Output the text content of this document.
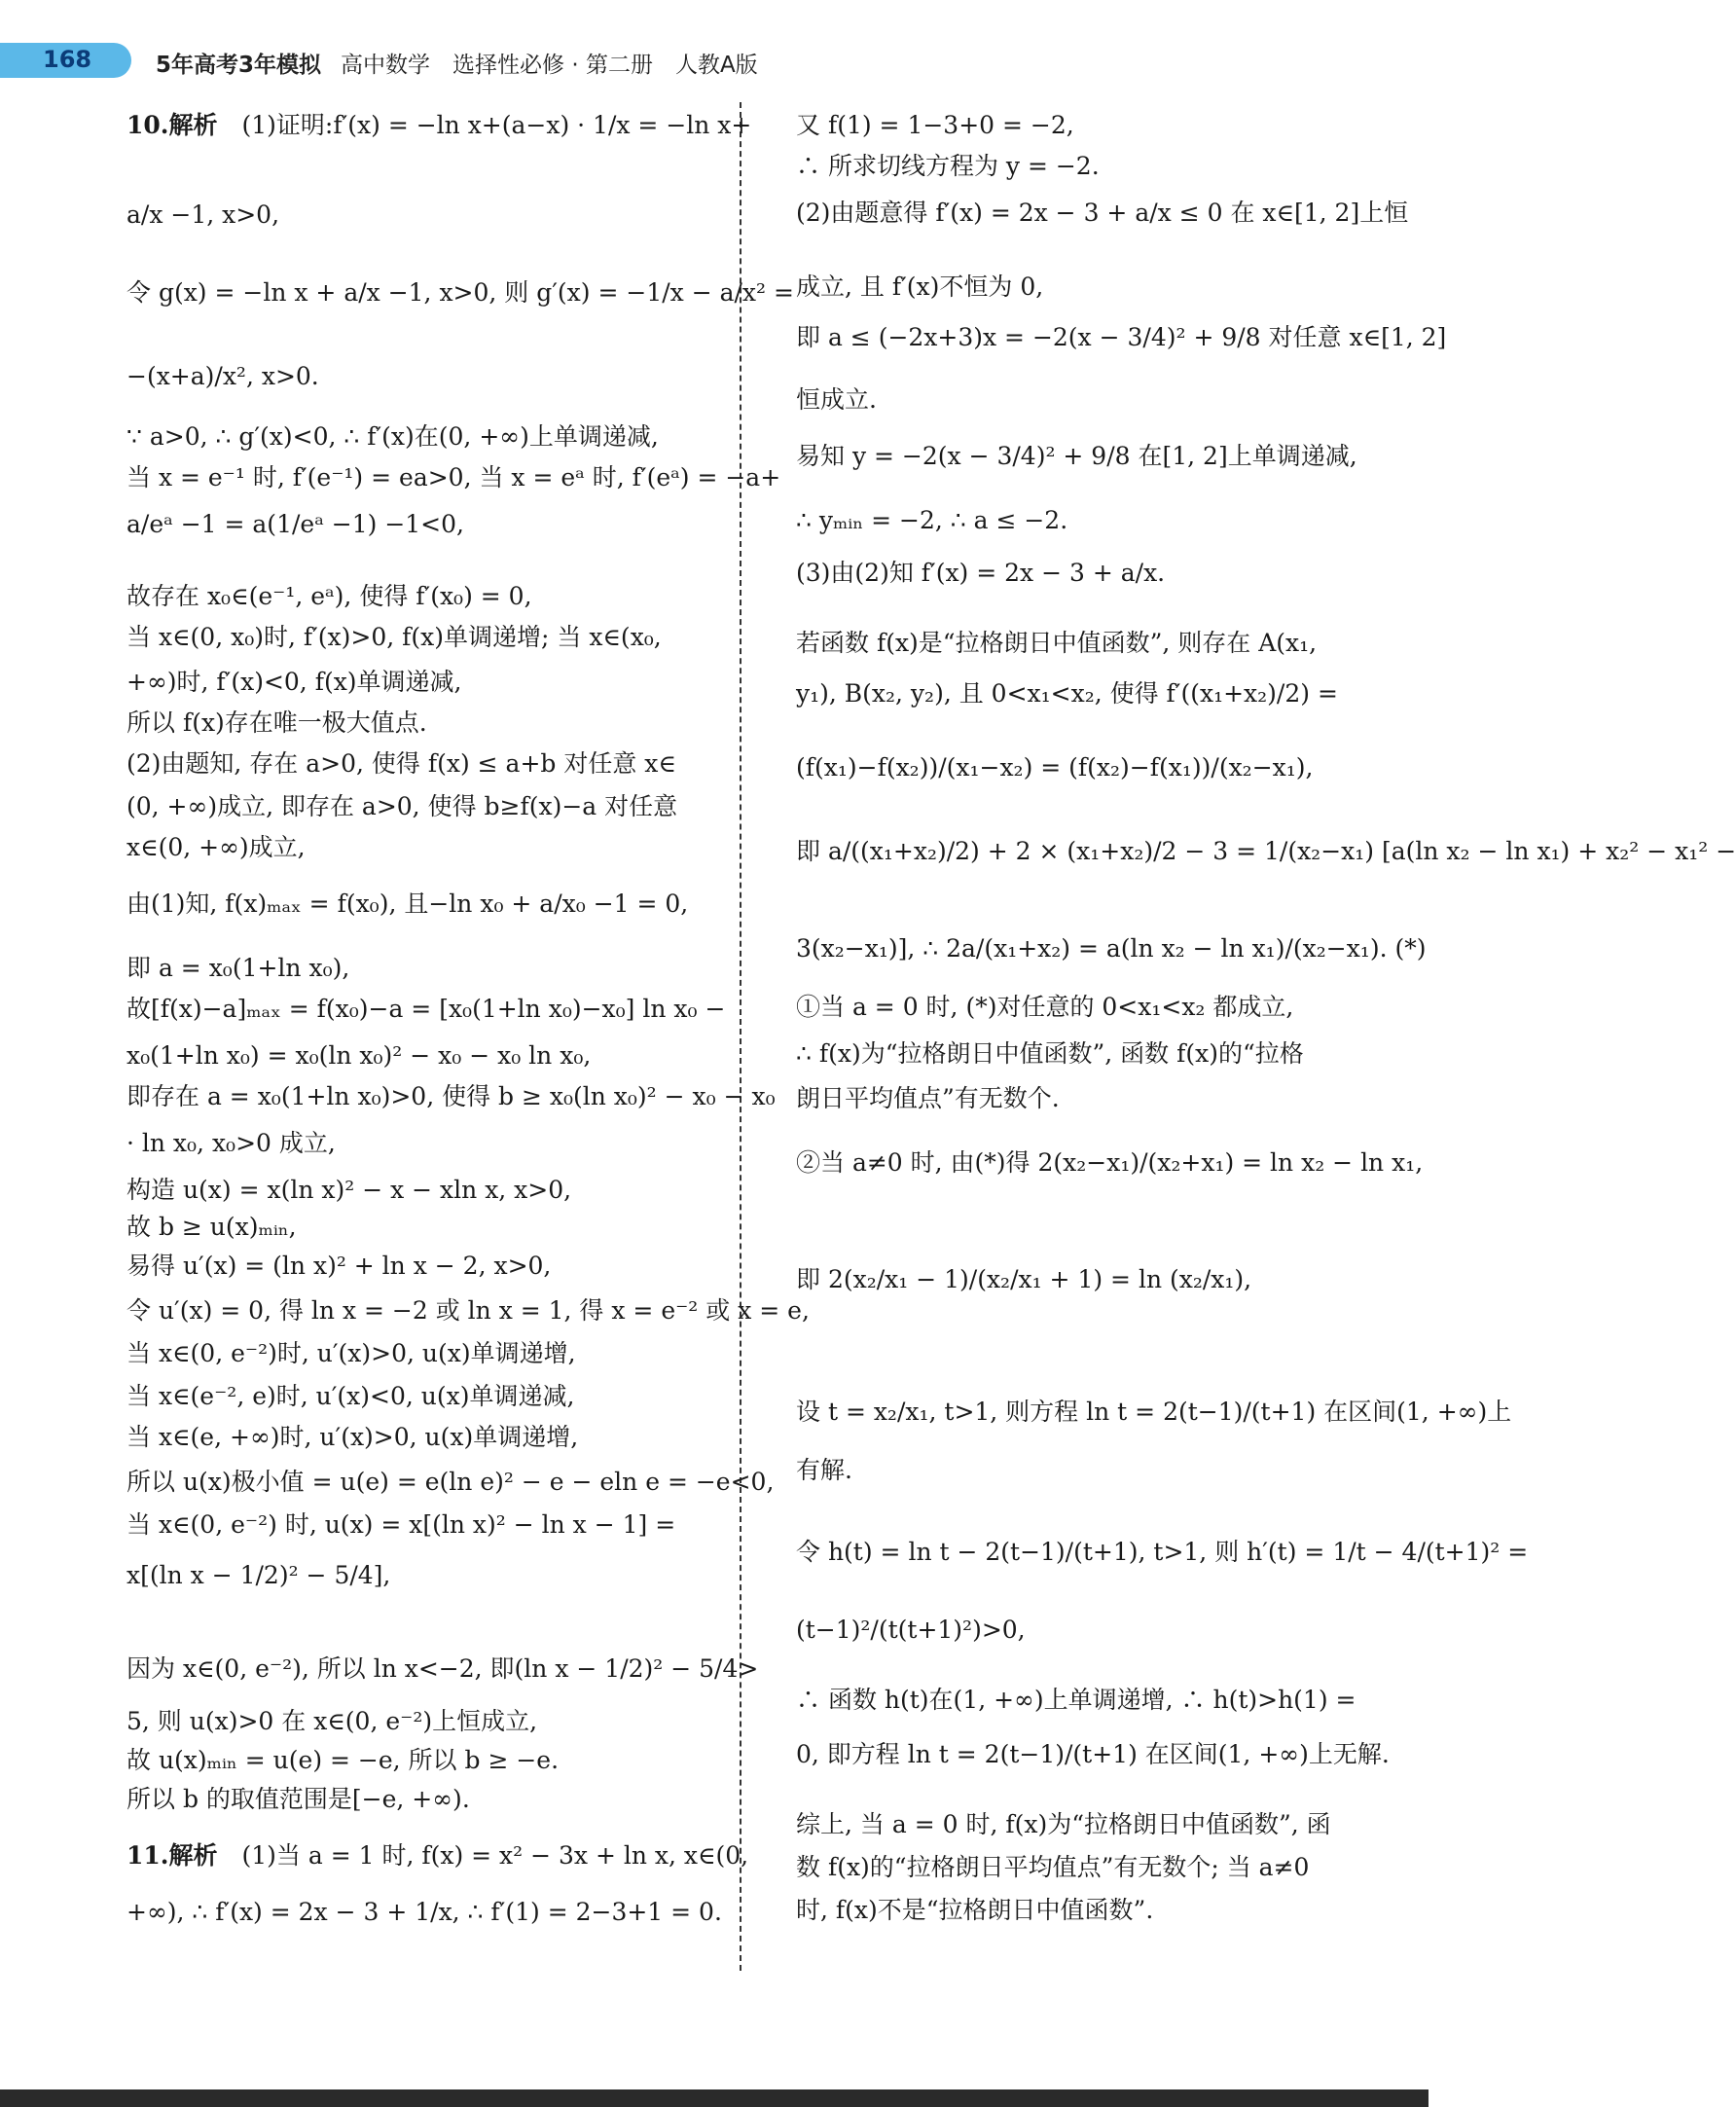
168	5年高考3年模拟 高中数学　选择性必修 · 第二册　人教A版
10.解析　(1)证明:f′(x) = −ln x+(a−x) · 1/x = −ln x+
a/x −1, x>0,
令 g(x) = −ln x + a/x −1, x>0, 则 g′(x) = −1/x − a/x² =
−(x+a)/x², x>0.
∵ a>0, ∴ g′(x)<0, ∴ f′(x)在(0, +∞)上单调递减,
当 x = e⁻¹ 时, f′(e⁻¹) = ea>0, 当 x = eᵃ 时, f′(eᵃ) = −a+
a/eᵃ −1 = a(1/eᵃ −1) −1<0,
故存在 x₀∈(e⁻¹, eᵃ), 使得 f′(x₀) = 0,
当 x∈(0, x₀)时, f′(x)>0, f(x)单调递增; 当 x∈(x₀,
+∞)时, f′(x)<0, f(x)单调递减,
所以 f(x)存在唯一极大值点.
(2)由题知, 存在 a>0, 使得 f(x) ≤ a+b 对任意 x∈
(0, +∞)成立, 即存在 a>0, 使得 b≥f(x)−a 对任意
x∈(0, +∞)成立,
由(1)知, f(x)ₘₐₓ = f(x₀), 且−ln x₀ + a/x₀ −1 = 0,
即 a = x₀(1+ln x₀),
故[f(x)−a]ₘₐₓ = f(x₀)−a = [x₀(1+ln x₀)−x₀] ln x₀ −
x₀(1+ln x₀) = x₀(ln x₀)² − x₀ − x₀ ln x₀,
即存在 a = x₀(1+ln x₀)>0, 使得 b ≥ x₀(ln x₀)² − x₀ − x₀
· ln x₀, x₀>0 成立,
构造 u(x) = x(ln x)² − x − xln x, x>0,
故 b ≥ u(x)ₘᵢₙ,
易得 u′(x) = (ln x)² + ln x − 2, x>0,
令 u′(x) = 0, 得 ln x = −2 或 ln x = 1, 得 x = e⁻² 或 x = e,
当 x∈(0, e⁻²)时, u′(x)>0, u(x)单调递增,
当 x∈(e⁻², e)时, u′(x)<0, u(x)单调递减,
当 x∈(e, +∞)时, u′(x)>0, u(x)单调递增,
所以 u(x)极小值 = u(e) = e(ln e)² − e − eln e = −e<0,
当 x∈(0, e⁻²) 时, u(x) = x[(ln x)² − ln x − 1] =
x[(ln x − 1/2)² − 5/4],
因为 x∈(0, e⁻²), 所以 ln x<−2, 即(ln x − 1/2)² − 5/4>
5, 则 u(x)>0 在 x∈(0, e⁻²)上恒成立,
故 u(x)ₘᵢₙ = u(e) = −e, 所以 b ≥ −e.
所以 b 的取值范围是[−e, +∞).
11.解析　(1)当 a = 1 时, f(x) = x² − 3x + ln x, x∈(0,
+∞), ∴ f′(x) = 2x − 3 + 1/x, ∴ f′(1) = 2−3+1 = 0.
又 f(1) = 1−3+0 = −2,
∴ 所求切线方程为 y = −2.
(2)由题意得 f′(x) = 2x − 3 + a/x ≤ 0 在 x∈[1, 2]上恒
成立, 且 f′(x)不恒为 0,
即 a ≤ (−2x+3)x = −2(x − 3/4)² + 9/8 对任意 x∈[1, 2]
恒成立.
易知 y = −2(x − 3/4)² + 9/8 在[1, 2]上单调递减,
∴ yₘᵢₙ = −2, ∴ a ≤ −2.
(3)由(2)知 f′(x) = 2x − 3 + a/x.
若函数 f(x)是“拉格朗日中值函数”, 则存在 A(x₁,
y₁), B(x₂, y₂), 且 0<x₁<x₂, 使得 f′((x₁+x₂)/2) =
(f(x₁)−f(x₂))/(x₁−x₂) = (f(x₂)−f(x₁))/(x₂−x₁),
即 a/((x₁+x₂)/2) + 2 × (x₁+x₂)/2 − 3 = 1/(x₂−x₁) [a(ln x₂ − ln x₁) + x₂² − x₁² −
3(x₂−x₁)], ∴ 2a/(x₁+x₂) = a(ln x₂ − ln x₁)/(x₂−x₁). (*)
①当 a = 0 时, (*)对任意的 0<x₁<x₂ 都成立,
∴ f(x)为“拉格朗日中值函数”, 函数 f(x)的“拉格
朗日平均值点”有无数个.
②当 a≠0 时, 由(*)得 2(x₂−x₁)/(x₂+x₁) = ln x₂ − ln x₁,
即 2(x₂/x₁ − 1)/(x₂/x₁ + 1) = ln (x₂/x₁),
设 t = x₂/x₁, t>1, 则方程 ln t = 2(t−1)/(t+1) 在区间(1, +∞)上
有解.
令 h(t) = ln t − 2(t−1)/(t+1), t>1, 则 h′(t) = 1/t − 4/(t+1)² =
(t−1)²/(t(t+1)²)>0,
∴ 函数 h(t)在(1, +∞)上单调递增, ∴ h(t)>h(1) =
0, 即方程 ln t = 2(t−1)/(t+1) 在区间(1, +∞)上无解.
综上, 当 a = 0 时, f(x)为“拉格朗日中值函数”, 函
数 f(x)的“拉格朗日平均值点”有无数个; 当 a≠0
时, f(x)不是“拉格朗日中值函数”.
